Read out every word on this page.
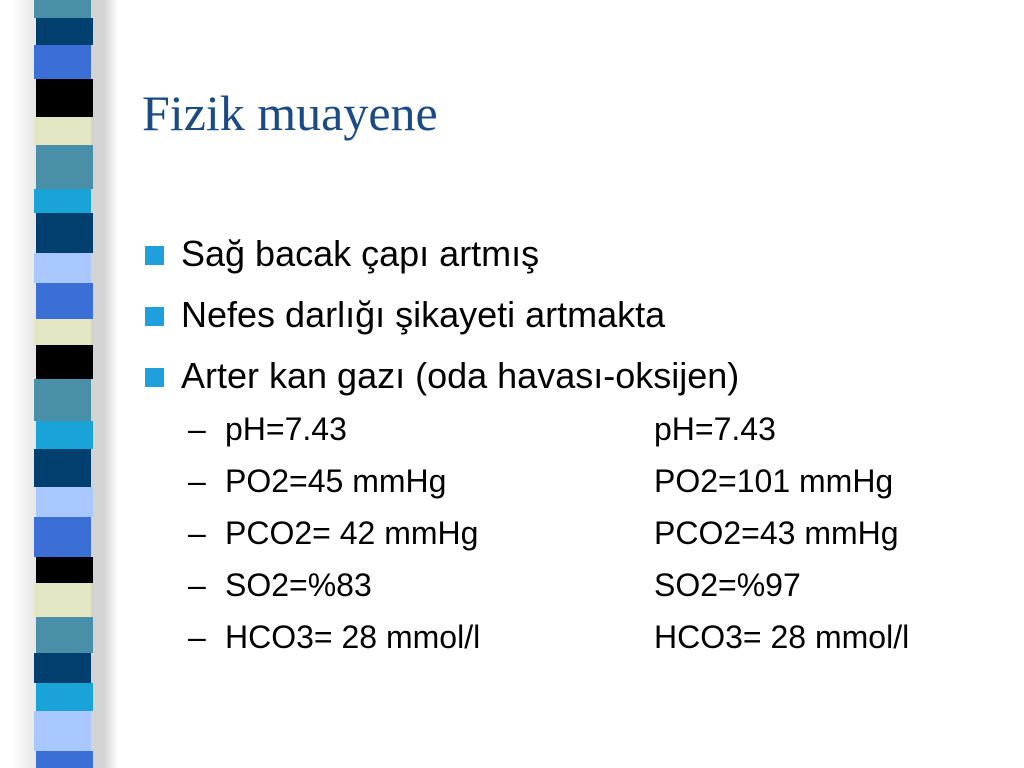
Fizik muayene
Sağ bacak çapı artmış
Nefes darlığı şikayeti artmakta
Arter kan gazı (oda havası-oksijen)
– pH=7.43	pH=7.43
– PO2=45 mmHg	PO2=101 mmHg
– PCO2= 42 mmHg	PCO2=43 mmHg
– SO2=%83	SO2=%97
– HCO3= 28 mmol/l	HCO3= 28 mmol/l
